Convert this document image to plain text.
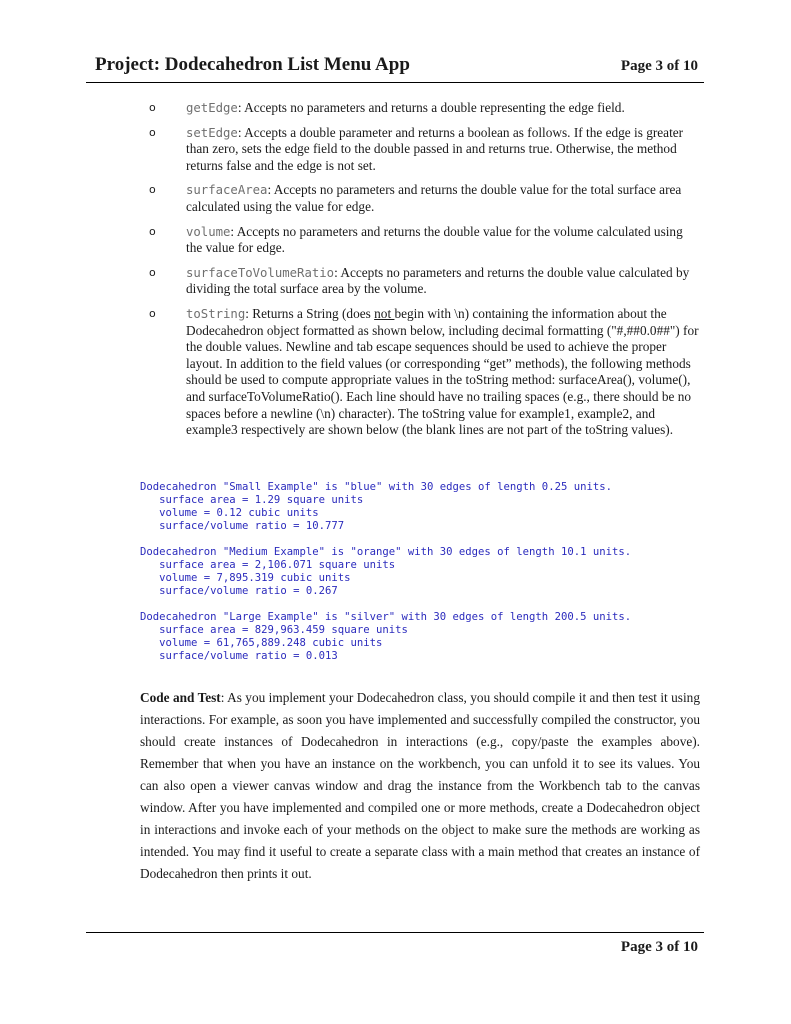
Project: Dodecahedron List Menu App	Page 3 of 10
o getEdge: Accepts no parameters and returns a double representing the edge field.
o setEdge: Accepts a double parameter and returns a boolean as follows. If the edge is greater than zero, sets the edge field to the double passed in and returns true. Otherwise, the method returns false and the edge is not set.
o surfaceArea: Accepts no parameters and returns the double value for the total surface area calculated using the value for edge.
o volume: Accepts no parameters and returns the double value for the volume calculated using the value for edge.
o surfaceToVolumeRatio: Accepts no parameters and returns the double value calculated by dividing the total surface area by the volume.
o toString: Returns a String (does not begin with \n) containing the information about the Dodecahedron object formatted as shown below, including decimal formatting ("#,##0.0##") for the double values. Newline and tab escape sequences should be used to achieve the proper layout. In addition to the field values (or corresponding “get” methods), the following methods should be used to compute appropriate values in the toString method: surfaceArea(), volume(), and surfaceToVolumeRatio(). Each line should have no trailing spaces (e.g., there should be no spaces before a newline (\n) character). The toString value for example1, example2, and example3 respectively are shown below (the blank lines are not part of the toString values).
Dodecahedron "Small Example" is "blue" with 30 edges of length 0.25 units.
surface area = 1.29 square units
volume = 0.12 cubic units
surface/volume ratio = 10.777
Dodecahedron "Medium Example" is "orange" with 30 edges of length 10.1 units.
surface area = 2,106.071 square units
volume = 7,895.319 cubic units
surface/volume ratio = 0.267
Dodecahedron "Large Example" is "silver" with 30 edges of length 200.5 units.
surface area = 829,963.459 square units
volume = 61,765,889.248 cubic units
surface/volume ratio = 0.013

Code and Test: As you implement your Dodecahedron class, you should compile it and then test it using interactions. For example, as soon you have implemented and successfully compiled the constructor, you should create instances of Dodecahedron in interactions (e.g., copy/paste the examples above). Remember that when you have an instance on the workbench, you can unfold it to see its values. You can also open a viewer canvas window and drag the instance from the Workbench tab to the canvas window. After you have implemented and compiled one or more methods, create a Dodecahedron object in interactions and invoke each of your methods on the object to make sure the methods are working as intended. You may find it useful to create a separate class with a main method that creates an instance of Dodecahedron then prints it out.

Page 3 of 10
